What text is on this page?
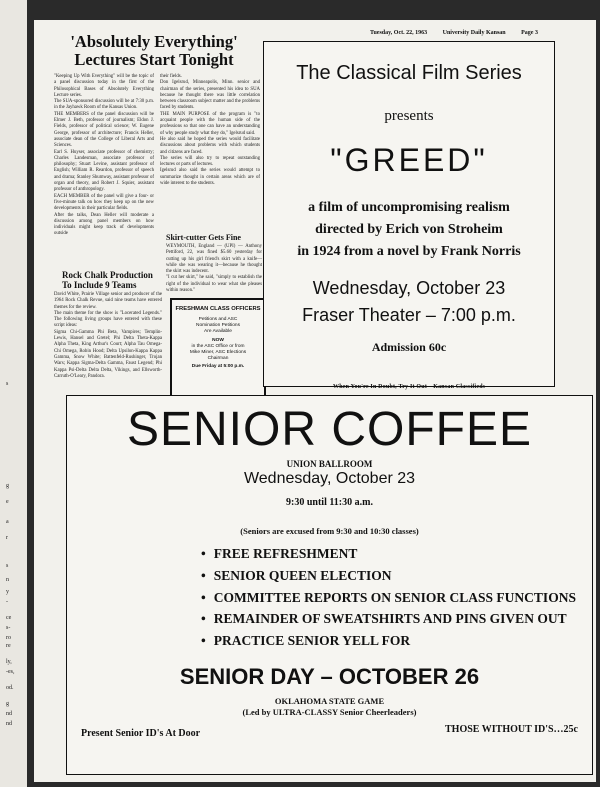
s
g
e
a
r
s
n
y
-
ce
s-
ro
re
ly,
-es,
od.
g
nd
nd
Tuesday, Oct. 22, 1963	University Daily Kansan	Page 3
'Absolutely Everything' Lectures Start Tonight

"Keeping Up With Everything" will be the topic of a panel discussion today in the first of the Philosophical Bases of Absolutely Everything Lecture series.

The SUA-sponsored discussion will be at 7:30 p.m. in the Jayhawk Room of the Kansas Union.

THE MEMBERS of the panel discussion will be Elmer J. Beth, professor of journalism; Eldon J. Fields, professor of political science; W. Eugene George, professor of architecture; Francis Heller, associate dean of the College of Liberal Arts and Sciences.

Earl S. Huyser, associate professor of chemistry; Charles Landesman, associate professor of philosophy; Stuart Levine, assistant professor of English; William R. Reardon, professor of speech and drama; Stanley Shumway, assistant professor of organ and theory, and Robert J. Squier, assistant professor of anthropology.

EACH MEMBER of the panel will give a four- or five-minute talk on how they keep up on the new developments in their particular fields.

After the talks, Dean Heller will moderate a discussion among panel members on how individuals might keep track of developments outside

their fields.

Don Igelsrud, Minneapolis, Minn. senior and chairman of the series, presented his idea to SUA because he thought there was little correlation between classroom subject matter and the problems faced by students.

THE MAIN PURPOSE of the program is "to acquaint people with the human side of the professions so that one can have an understanding of why people study what they do," Igelsrud said.

He also said he hoped the series would facilitate discussions about problems with which students and citizens are faced.

The series will also try to repeat outstanding lectures or parts of lectures.

Igelsrud also said the series would attempt to summarize thought in certain areas which are of wide interest to the students.

Rock Chalk Production To Include 9 Teams

David White, Prairie Village senior and producer of the 1964 Rock Chalk Revue, said nine teams have entered themes for the review.

The main theme for the show is "Locerated Legends." The following living groups have entered with these script ideas:

Sigma Chi-Gamma Phi Beta, Vampires; Templin-Lewis, Hansel and Gretel; Phi Delta Theta-Kappa Alpha Theta, King Arthur's Court; Alpha Tau Omega-Chi Omega, Robin Hood; Delta Upsilon-Kappa Kappa Gamma, Snow White; Battenfeld-Rushinger, Trojan Wars; Kappa Sigma-Delta Gamma, Faust Legend; Phi Kappa Psi-Delta Delta Delta, Vikings, and Ellsworth-Carruth-O'Leary, Pandora.

Skirt-cutter Gets Fine

WEYMOUTH, England — (UPI) — Anthony Pettiford, 22, was fined $5.60 yesterday for cutting up his girl friend's skirt with a knife—while she was wearing it—because he thought the skirt was indecent.

"I cut her skirt," he said, "simply to establish the right of the individual to wear what she pleases within reason."

FRESHMAN CLASS OFFICERS
Petitions and ASC
Nomination Petitions
Are Available
NOW
in the ASC Office or from
Mike Miner, ASC Elections
Chairman
Due Friday at 5:00 p.m.
The Classical Film Series
presents
"GREED"
a film of uncompromising realism
directed by Erich von Stroheim
in 1924 from a novel by Frank Norris
Wednesday, October 23
Fraser Theater – 7:00 p.m.
Admission 60c
When You're In Doubt, Try It Out—Kansan Classifieds
SENIOR COFFEE
UNION BALLROOM
Wednesday, October 23
9:30 until 11:30 a.m.
(Seniors are excused from 9:30 and 10:30 classes)
• FREE REFRESHMENT
• SENIOR QUEEN ELECTION
• COMMITTEE REPORTS ON SENIOR CLASS FUNCTIONS
• REMAINDER OF SWEATSHIRTS AND PINS GIVEN OUT
• PRACTICE SENIOR YELL FOR
SENIOR DAY – OCTOBER 26
OKLAHOMA STATE GAME
(Led by ULTRA-CLASSY Senior Cheerleaders)
Present Senior ID's At Door	THOSE WITHOUT ID'S…25c
